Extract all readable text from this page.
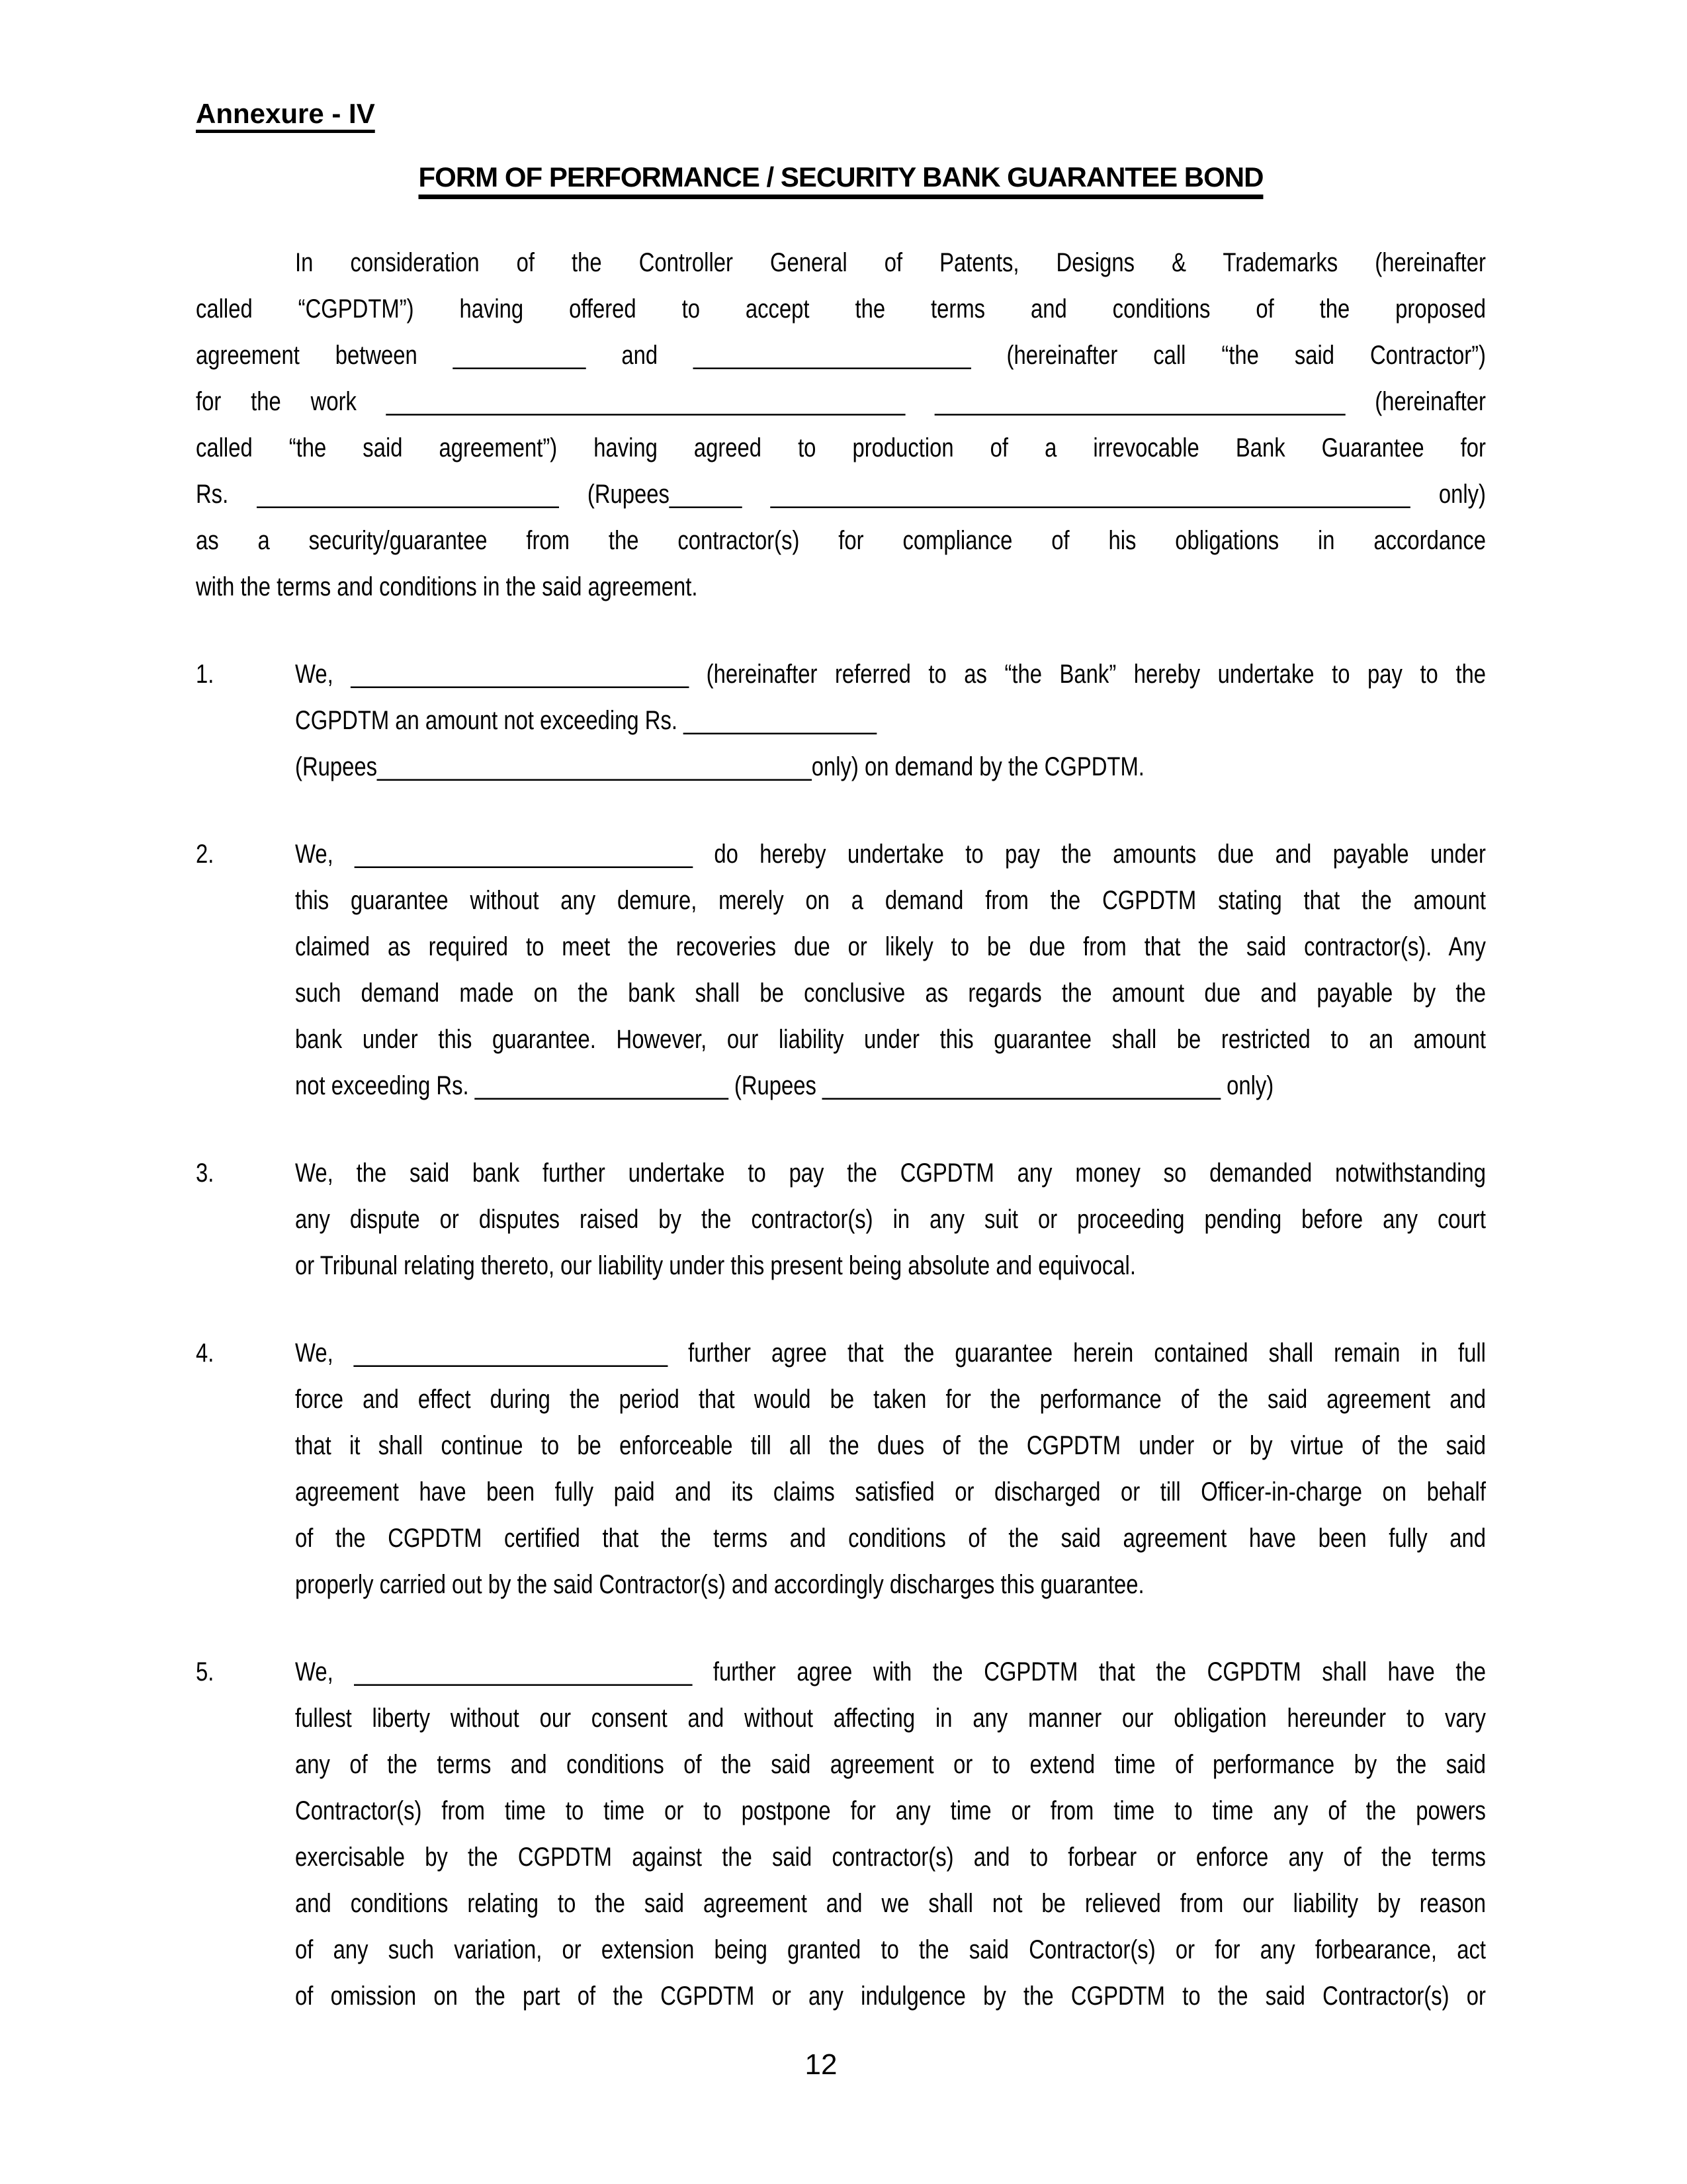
Annexure - IV
FORM OF PERFORMANCE / SECURITY BANK GUARANTEE BOND
In consideration of the Controller General of Patents, Designs & Trademarks (hereinafter
called “CGPDTM”) having offered to accept the terms and conditions of the proposed
agreement between ___________ and _______________________ (hereinafter call “the said Contractor”)
for the work ___________________________________________ __________________________________ (hereinafter
called “the said agreement”) having agreed to production of a irrevocable Bank Guarantee for
Rs. _________________________ (Rupees______ _____________________________________________________ only)
as a security/guarantee from the contractor(s) for compliance of his obligations in accordance
with the terms and conditions in the said agreement.
1.	We, ____________________________ (hereinafter referred to as “the Bank” hereby undertake to pay to the
CGPDTM an amount not exceeding Rs. ________________
(Rupees____________________________________only) on demand by the CGPDTM.
2.	We, ____________________________ do hereby undertake to pay the amounts due and payable under
this guarantee without any demure, merely on a demand from the CGPDTM stating that the amount
claimed as required to meet the recoveries due or likely to be due from that the said contractor(s). Any
such demand made on the bank shall be conclusive as regards the amount due and payable by the
bank under this guarantee. However, our liability under this guarantee shall be restricted to an amount
not exceeding Rs. _____________________ (Rupees _________________________________ only)
3.	We, the said bank further undertake to pay the CGPDTM any money so demanded notwithstanding
any dispute or disputes raised by the contractor(s) in any suit or proceeding pending before any court
or Tribunal relating thereto, our liability under this present being absolute and equivocal.
4.	We, __________________________ further agree that the guarantee herein contained shall remain in full
force and effect during the period that would be taken for the performance of the said agreement and
that it shall continue to be enforceable till all the dues of the CGPDTM under or by virtue of the said
agreement have been fully paid and its claims satisfied or discharged or till Officer-in-charge on behalf
of the CGPDTM certified that the terms and conditions of the said agreement have been fully and
properly carried out by the said Contractor(s) and accordingly discharges this guarantee.
5.	We, ____________________________ further agree with the CGPDTM that the CGPDTM shall have the
fullest liberty without our consent and without affecting in any manner our obligation hereunder to vary
any of the terms and conditions of the said agreement or to extend time of performance by the said
Contractor(s) from time to time or to postpone for any time or from time to time any of the powers
exercisable by the CGPDTM against the said contractor(s) and to forbear or enforce any of the terms
and conditions relating to the said agreement and we shall not be relieved from our liability by reason
of any such variation, or extension being granted to the said Contractor(s) or for any forbearance, act
of omission on the part of the CGPDTM or any indulgence by the CGPDTM to the said Contractor(s) or
12
